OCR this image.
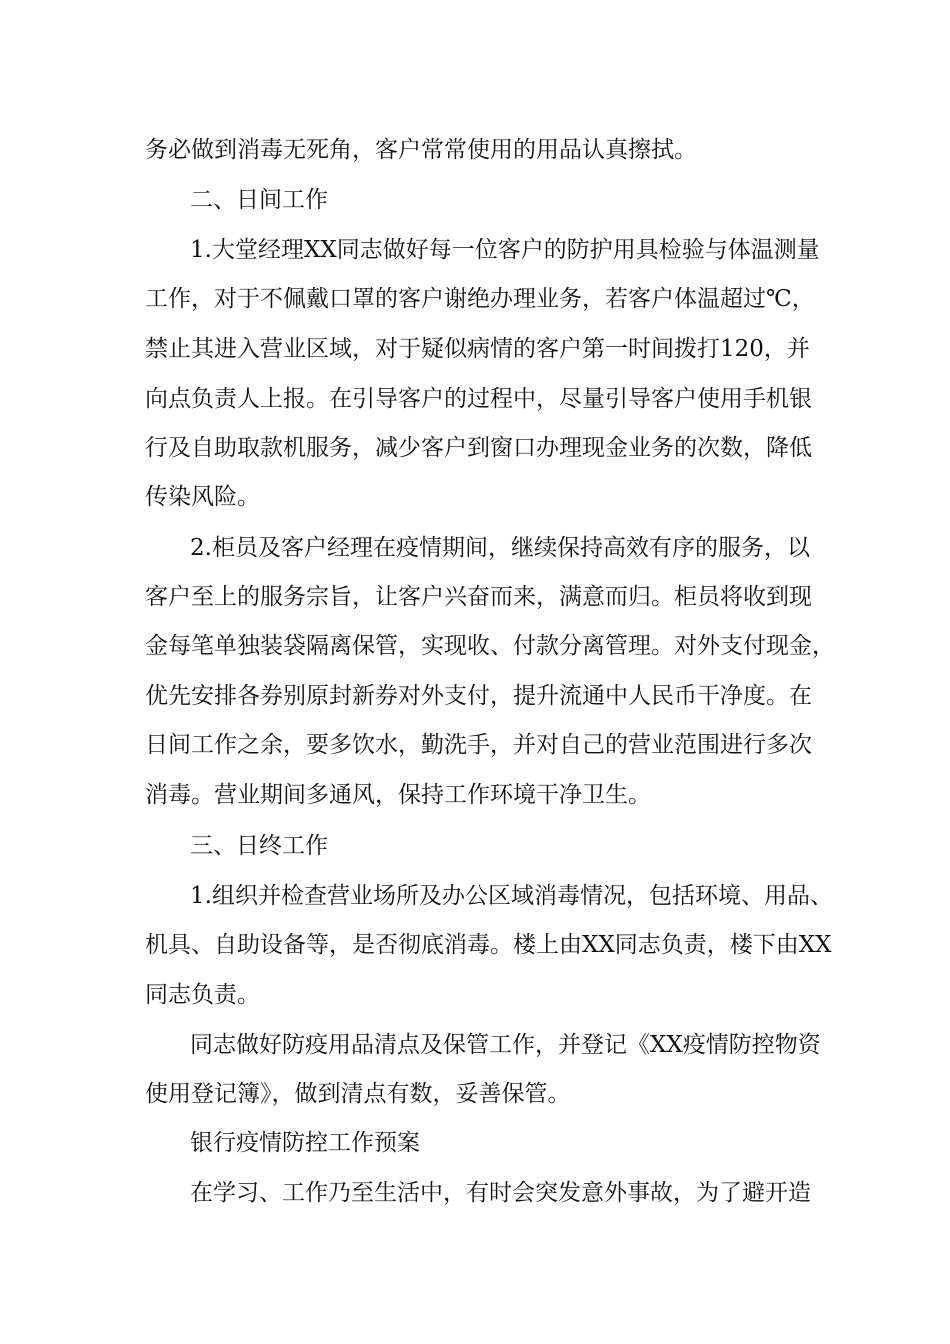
务必做到消毒无死角，客户常常使用的用品认真擦拭。
二、日间工作
1.大堂经理XX同志做好每一位客户的防护用具检验与体温测量
工作，对于不佩戴口罩的客户谢绝办理业务，若客户体温超过℃，
禁止其进入营业区域，对于疑似病情的客户第一时间拨打120，并
向点负责人上报。在引导客户的过程中，尽量引导客户使用手机银
行及自助取款机服务，减少客户到窗口办理现金业务的次数，降低
传染风险。
2.柜员及客户经理在疫情期间，继续保持高效有序的服务，以
客户至上的服务宗旨，让客户兴奋而来，满意而归。柜员将收到现
金每笔单独装袋隔离保管，实现收、付款分离管理。对外支付现金，
优先安排各券别原封新券对外支付，提升流通中人民币干净度。在
日间工作之余，要多饮水，勤洗手，并对自己的营业范围进行多次
消毒。营业期间多通风，保持工作环境干净卫生。
三、日终工作
1.组织并检查营业场所及办公区域消毒情况，包括环境、用品、
机具、自助设备等，是否彻底消毒。楼上由XX同志负责，楼下由XX
同志负责。
同志做好防疫用品清点及保管工作，并登记《XX疫情防控物资
使用登记簿》，做到清点有数，妥善保管。
银行疫情防控工作预案
在学习、工作乃至生活中，有时会突发意外事故，为了避开造
